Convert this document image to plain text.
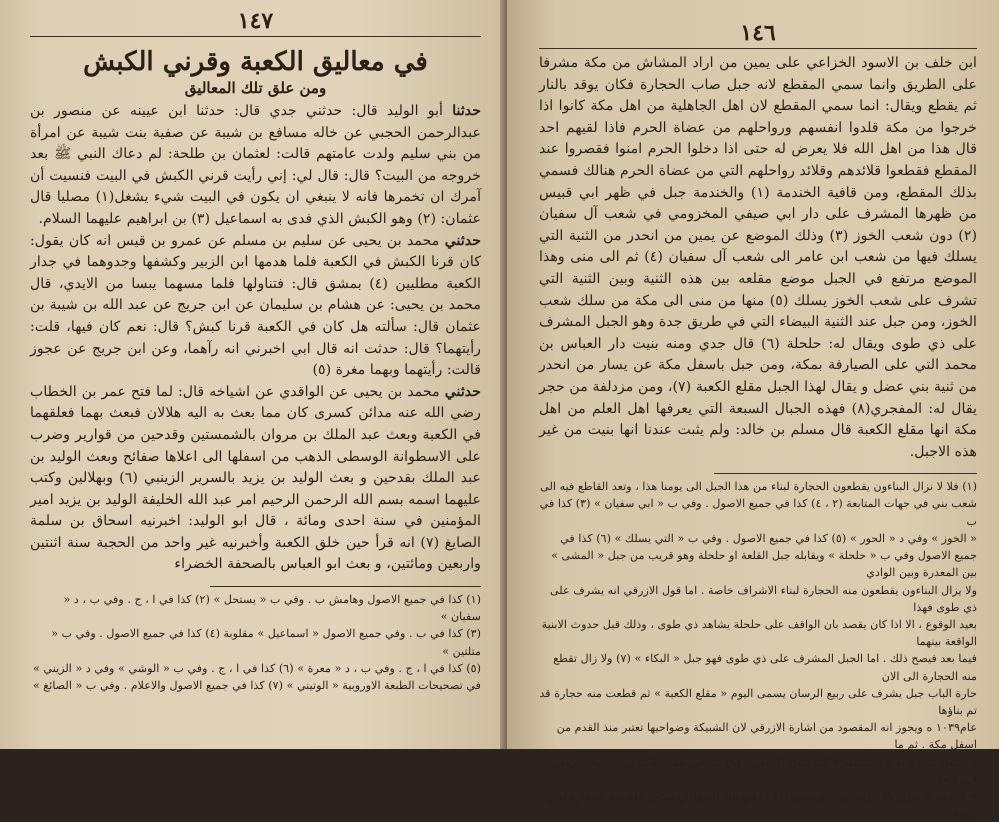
١٤٧
في معاليق الكعبة وقرني الكبش
ومن علق تلك المعاليق

حدثنا أبو الوليد قال: حدثني جدي قال: حدثنا ابن عيينه عن منصور بن عبدالرحمن الحجبي عن خاله مسافع بن شيبة عن صفية بنت شيبة عن امرأة من بني سليم ولدت عامتهم قالت: لعثمان بن طلحة: لم دعاك النبي ﷺ بعد خروجه من البيت؟ قال: قال لي: إني رأيت قرني الكبش في البيت فنسيت أن آمرك ان تخمرها فانه لا ينبغي ان يكون في البيت شيء يشغل(١) مصليا قال عثمان: (٢) وهو الكبش الذي فدى به اسماعيل (٣) بن ابراهيم عليهما السلام.

حدثني محمد بن يحيى عن سليم بن مسلم عن عمرو بن قيس انه كان يقول: كان قرنا الكبش في الكعبة فلما هدمها ابن الزبير وكشفها وجدوهما في جدار الكعبة مطليين (٤) بمشق قال: فتناولها فلما مسهما يبسا من الايدي، قال محمد بن يحيى: عن هشام بن سليمان عن ابن جريج عن عبد الله بن شيبة بن عثمان قال: سألته هل كان في الكعبة قرنا كبش؟ قال: نعم كان فيها، قلت: رأيتهما؟ قال: حدثت انه قال ابي اخبرني انه رآهما، وعن ابن جريج عن عجوز قالت: رأيتهما وبهما مغرة (٥)

حدثني محمد بن يحيى عن الواقدي عن اشياخه قال: لما فتح عمر بن الخطاب رضي الله عنه مدائن كسرى كان مما بعث به اليه هلالان فبعث بهما فعلقهما في الكعبة وبعث عبد الملك بن مروان بالشمستين وقدحين من قوارير وضرب على الاسطوانة الوسطى الذهب من اسفلها الى اعلاها صفائح وبعث الوليد بن عبد الملك بقدحين و بعث الوليد بن يزيد بالسرير الزينبي (٦) وبهلالين وكتب عليهما اسمه بسم الله الرحمن الرحيم امر عبد الله الخليفة الوليد بن يزيد امير المؤمنين في سنة احدى ومائة ، قال ابو الوليد: اخبرنيه اسحاق بن سلمة الصايغ (٧) انه قرأ حين خلق الكعبة وأخبرنيه غير واحد من الحجبة سنة اثنتين واربعين ومائتين، و بعث ابو العباس بالصحفة الخضراء

(١) كذا في جميع الاصول وهامش ب . وفي ب « يستحل » (٢) كذا في ا ، ج . وفي ب ، د « سفيان »
(٣) كذا في ب . وفي جميع الاصول « اسماعيل » مقلوبة (٤) كذا في جميع الاصول . وفي ب « متلتين »
(٥) كذا في ا ، ج . وفي ب ، د « معرة » (٦) كذا في ا ، ج . وفي ب « الوشي » وفي د « الزيني »
في تصحيحات الطبعة الاوروبية « الوتيني » (٧) كذا في جميع الاصول والاعلام . وفي ب « الصائغ »
١٤٦

ابن خلف بن الاسود الخزاعي على يمين من اراد المشاش من مكة مشرفا على الطريق وانما سمي المقطع لانه جبل صاب الحجارة فكان يوقد بالنار ثم يقطع ويقال: انما سمي المقطع لان اهل الجاهلية من اهل مكة كانوا اذا خرجوا من مكة قلدوا انفسهم ورواحلهم من عضاة الحرم فاذا لقيهم احد قال هذا من اهل الله فلا يعرض له حتى اذا دخلوا الحرم امنوا فقصروا عند المقطع فقطعوا قلائدهم وقلائد رواحلهم التي من عضاة الحرم هنالك فسمي بذلك المقطع، ومن قافية الخندمة (١) والخندمة جبل في ظهر ابي قبيس من ظهرها المشرف على دار ابي صيفي المخزومي في شعب آل سفيان (٢) دون شعب الخوز (٣) وذلك الموضع عن يمين من انحدر من الثنية التي يسلك فيها من شعب ابن عامر الى شعب آل سفيان (٤) ثم الى منى وهذا الموضع مرتفع في الجبل موضع مقلعه بين هذه الثنية وبين الثنية التي تشرف على شعب الخوز يسلك (٥) منها من منى الى مكة من سلك شعب الخوز، ومن جبل عند الثنية البيضاء التي في طريق جدة وهو الجبل المشرف على ذي طوى ويقال له: حلحلة (٦) قال جدي ومنه بنيت دار العباس بن محمد التي على الصيارفة بمكة، ومن جبل باسفل مكة عن يسار من انحدر من ثنية بني عضل و يقال لهذا الجبل مقلع الكعبة (٧)، ومن مزدلفة من حجر يقال له: المفجري(٨) فهذه الجبال السبعة التي يعرفها اهل العلم من اهل مكة انها مقلع الكعبة قال مسلم بن خالد: ولم يثبت عندنا انها بنيت من غير هذه الاجبل.

(١) فلا لا نزال البناءون يقطعون الحجارة لبناء من هذا الجبل الى يومنا هذا ، وتعد القاطع فيه الى شعب بني في جهات المتابعة (٢ ، ٤) كذا في جميع الاصول . وفي ب « ابي سفيان » (٣) كذا في ب
« الخوز » وفي د « الحور » (٥) كذا في جميع الاصول . وفي ب « التي يسلك » (٦) كذا في جميع الاصول وفي ب « حلحلة » ويقابله جبل القلعة او حلحلة وهو قريب من جبل « المشى » بين المعدرة وبين الوادي
ولا يزال البناءون يقطعون منه الحجارة لبناء الاشراف خاصة . اما قول الازرقي انه يشرف على ذي طوى فهذا
بعيد الوقوع ، الا اذا كان يقصد بان الواقف على حلحلة يشاهد ذي طوى ، وذلك قبل حدوث الابنية الواقعة بينهما
فيما بعد فيصح ذلك . اما الجبل المشرف على ذي طوى فهو جبل « البكاء » (٧) ولا زال تقطع منه الحجارة الى الان
حارة الباب جبل يشرف على ربيع الرسان يسمى اليوم « مقلع الكعبة » ثم قطعت منه حجارة قد تم بناؤها
عام١٠٣٩ ه ويجوز انه المقصود من اشارة الازرقي لان الشبيكة وضواحيها تعتبر منذ القدم من اسفل مكة . ثم ما
« اسفل مكة » او « المسفلة » كما يقول الاهلون . (٨) كذا في جميع الاصول . لذا والمعروف في اللغة
« المفجر » بدون ياء . وهو بين منى ومزدلفة . وفي تلك الضواحي مكان تقلع منه الحجارة لبني زبيدة .
